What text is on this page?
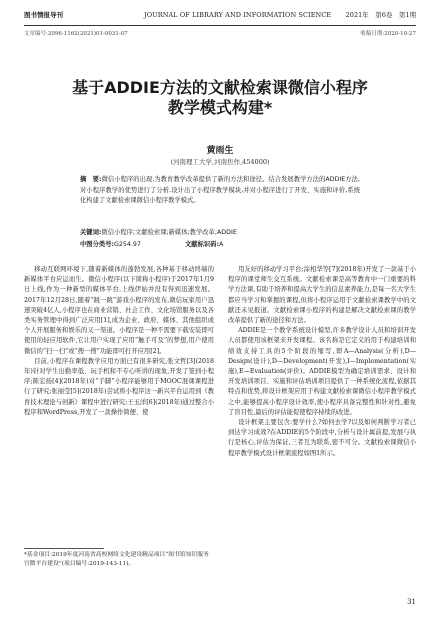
图书情报导刊	JOURNAL OF LIBRARY AND INFORMATION SCIENCE 2021年　第6卷　第1期
文章编号:2096-1162(2021)01-0031-07	收稿日期:2020-10-27
基于ADDIE方法的文献检索课微信小程序
教学模式构建*
黄雨生
(河南理工大学,河南焦作,454000)
摘　要:微信小程序的出现,为教育教学改革提供了新的方法和途径。结合发展教学方法的ADDIE方法,对小程序教学的优势进行了分析,设计出了小程序教学模块,并对小程序进行了开发、实施和评价,系统化构建了文献检索课微信小程序教学模式。
关键词:微信小程序;文献检索课;新媒体;教学改革;ADDIE
中图分类号:G254.97	文献标识码:A

移动互联网环境下,随着新媒体的蓬勃发展,各种基于移动终端的新媒体平台应运而生。微信小程序(以下简称小程序)于2017年1月9日上线,作为一种新型的媒体平台,上线伊始并没有得到迅速发展。2017年12月28日,随着“跳一跳”游戏小程序的发布,微信玩家用户迅速突破4亿人,小程序也在商业营销、社会工作、文化场馆服务以及各类实务管理中得到广泛应用[1],成为企业、政府、媒体、其他组织或个人开展服务和娱乐的又一渠道。小程序是一种不需要下载安装即可使用的轻应用软件,它让用户实现了应用“触手可及”的梦想,用户使用微信的“扫一扫”或“搜一搜”功能即可打开应用[2]。

目前,小程序在课程教学应用方面已有很多研究,张文哲[3](2018年)针对学生出勤率低、玩手机和不专心听讲的现象,开发了签到小程序;陈宏扬[4](2018年)对“手脚”小程序能够用于MOOC混课课程进行了研究;张丽莹[5](2018年)尝试将小程序这一新兴平台运用到《教育技术理论与创新》课程中进行研究;王玉洋[6](2018年)通过整合小程序和WordPress,开发了一款操作简便、使

用友好的移动学习平台;涂相华等[7](2018年)开发了一款基于小程序的课堂师生交互系统。文献检索课是高等教育中一门重要的科学方法课,有助于培养和提高大学生的信息素养能力,是每一名大学生都应当学习和掌握的课程,但将小程序运用于文献检索课教学中的文献还未见报道。文献检索课小程序的构建是解决文献检索课的教学改革提供了新的途径和方法。

ADDIE是一个教学系统设计模型,许多教学设计人员和培训开发人员都使用该框架来开发课程。该名称是它定义的用于构建培训和绩效支持工具的5个阶段的缩写,即A—Analysis(分析),D—Design(设计),D—Development(开发),I—Implementation(实施),E—Evaluation(评价)。ADDIE模型为确定培训需求、设计和开发培训项目、实施和评估培训项目提供了一种系统化流程,依据其特点和优势,将设计框架应用于构建文献检索课微信小程序教学模式之中,能够提高小程序设计效率,使小程序具备完整性和针对性,避免了盲目性,最后的评估能促使程序持续的改进。

设计框架主要包含:要学什么?如何去学?以及如何判断学习者已到达学习成效?在ADDIE的5个阶段中,分析与设计属前提,发展与执行是核心,评估为保证,三者互为联系,密不可分。文献检索课微信小程序教学模式设计框架流程如图1所示。

*基金项目:2019年度河南省高校网络文化建设精品项目“图书馆知识服务官微平台建设”(项目编号:2019-143-11)。
31
